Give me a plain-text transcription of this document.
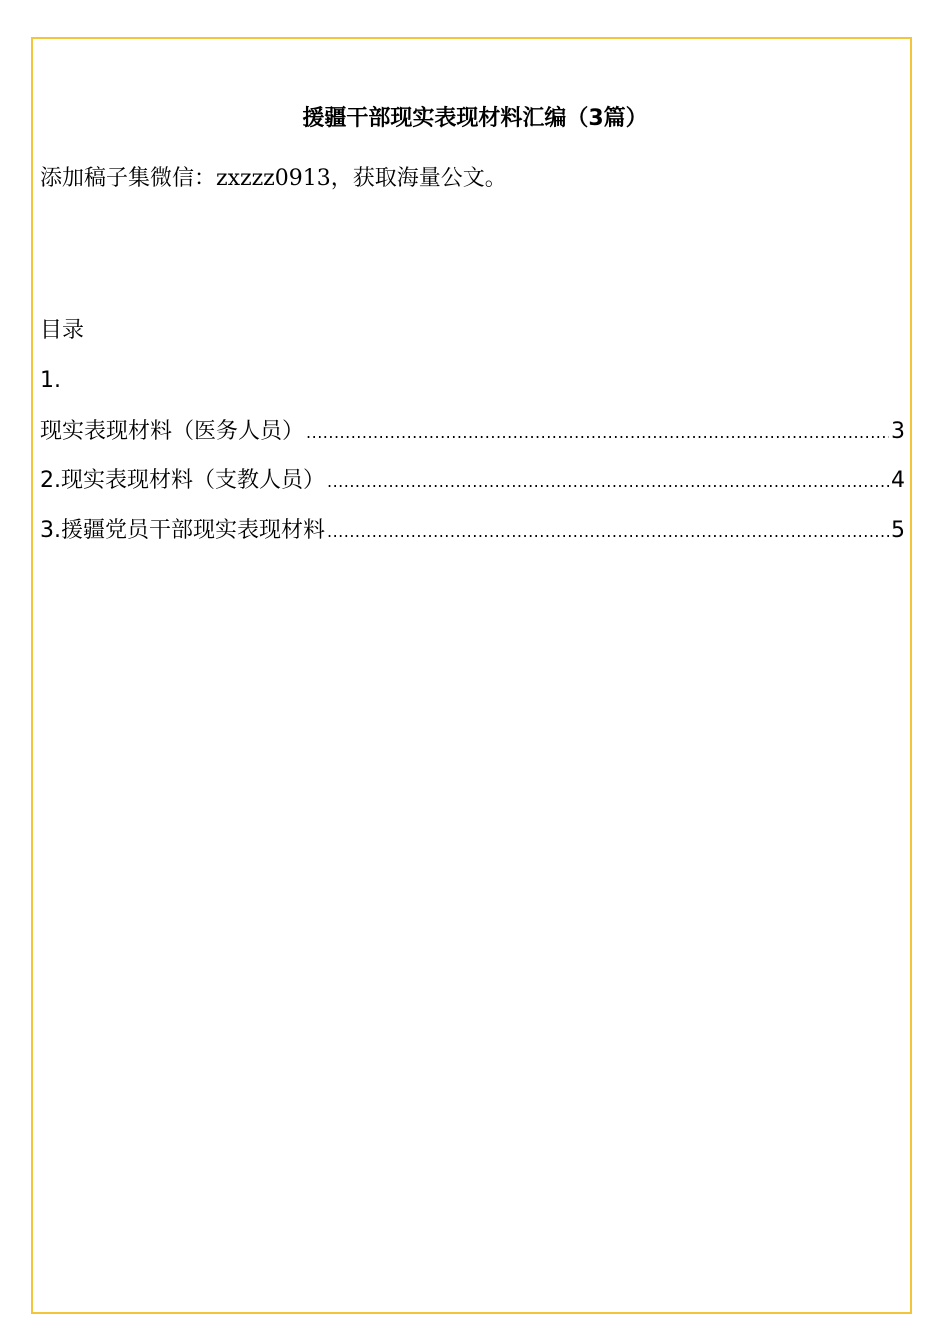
援疆干部现实表现材料汇编（3篇）
添加稿子集微信：zxzzz0913，获取海量公文。
目录
1.
现实表现材料（医务人员） .....	3
2.现实表现材料（支教人员） .....	4
3.援疆党员干部现实表现材料 .....	5
